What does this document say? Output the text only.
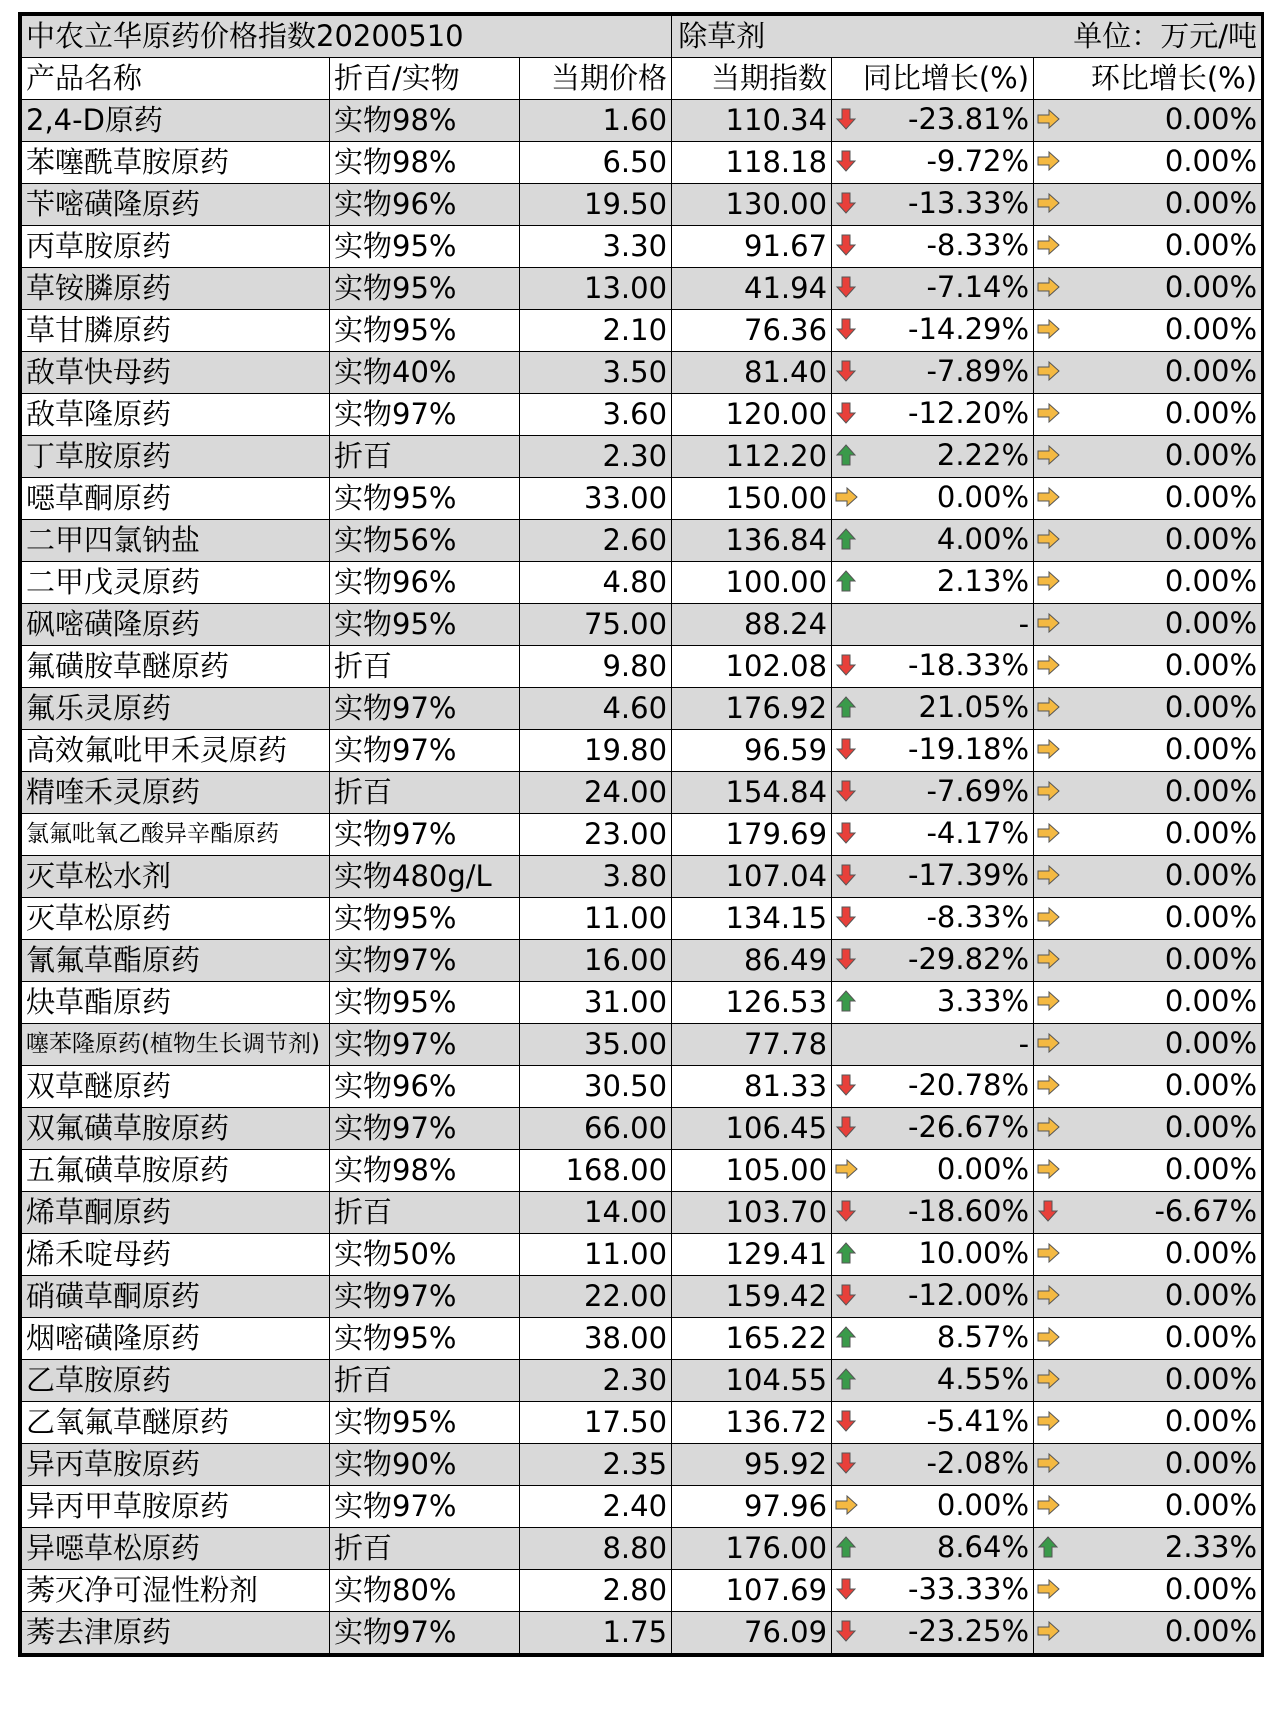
中农立华原药价格指数20200510			除草剂	单位：万元/吨	
产品名称	折百/实物	当期价格	当期指数	同比增长(%)	环比增长(%)
2,4-D原药	实物98%	1.60	110.34	-23.81%	0.00%

苯噻酰草胺原药	实物98%	6.50	118.18	-9.72%	0.00%

苄嘧磺隆原药	实物96%	19.50	130.00	-13.33%	0.00%

丙草胺原药	实物95%	3.30	91.67	-8.33%	0.00%

草铵膦原药	实物95%	13.00	41.94	-7.14%	0.00%

草甘膦原药	实物95%	2.10	76.36	-14.29%	0.00%

敌草快母药	实物40%	3.50	81.40	-7.89%	0.00%

敌草隆原药	实物97%	3.60	120.00	-12.20%	0.00%

丁草胺原药	折百	2.30	112.20	2.22%	0.00%

噁草酮原药	实物95%	33.00	150.00	0.00%	0.00%

二甲四氯钠盐	实物56%	2.60	136.84	4.00%	0.00%

二甲戊灵原药	实物96%	4.80	100.00	2.13%	0.00%

砜嘧磺隆原药	实物95%	75.00	88.24	-	0.00%

氟磺胺草醚原药	折百	9.80	102.08	-18.33%	0.00%

氟乐灵原药	实物97%	4.60	176.92	21.05%	0.00%

高效氟吡甲禾灵原药	实物97%	19.80	96.59	-19.18%	0.00%

精喹禾灵原药	折百	24.00	154.84	-7.69%	0.00%

氯氟吡氧乙酸异辛酯原药	实物97%	23.00	179.69	-4.17%	0.00%

灭草松水剂	实物480g/L	3.80	107.04	-17.39%	0.00%

灭草松原药	实物95%	11.00	134.15	-8.33%	0.00%

氰氟草酯原药	实物97%	16.00	86.49	-29.82%	0.00%

炔草酯原药	实物95%	31.00	126.53	3.33%	0.00%

噻苯隆原药(植物生长调节剂)	实物97%	35.00	77.78	-	0.00%

双草醚原药	实物96%	30.50	81.33	-20.78%	0.00%

双氟磺草胺原药	实物97%	66.00	106.45	-26.67%	0.00%

五氟磺草胺原药	实物98%	168.00	105.00	0.00%	0.00%

烯草酮原药	折百	14.00	103.70	-18.60%	-6.67%

烯禾啶母药	实物50%	11.00	129.41	10.00%	0.00%

硝磺草酮原药	实物97%	22.00	159.42	-12.00%	0.00%

烟嘧磺隆原药	实物95%	38.00	165.22	8.57%	0.00%

乙草胺原药	折百	2.30	104.55	4.55%	0.00%

乙氧氟草醚原药	实物95%	17.50	136.72	-5.41%	0.00%

异丙草胺原药	实物90%	2.35	95.92	-2.08%	0.00%

异丙甲草胺原药	实物97%	2.40	97.96	0.00%	0.00%

异噁草松原药	折百	8.80	176.00	8.64%	2.33%

莠灭净可湿性粉剂	实物80%	2.80	107.69	-33.33%	0.00%

莠去津原药	实物97%	1.75	76.09	-23.25%	0.00%
